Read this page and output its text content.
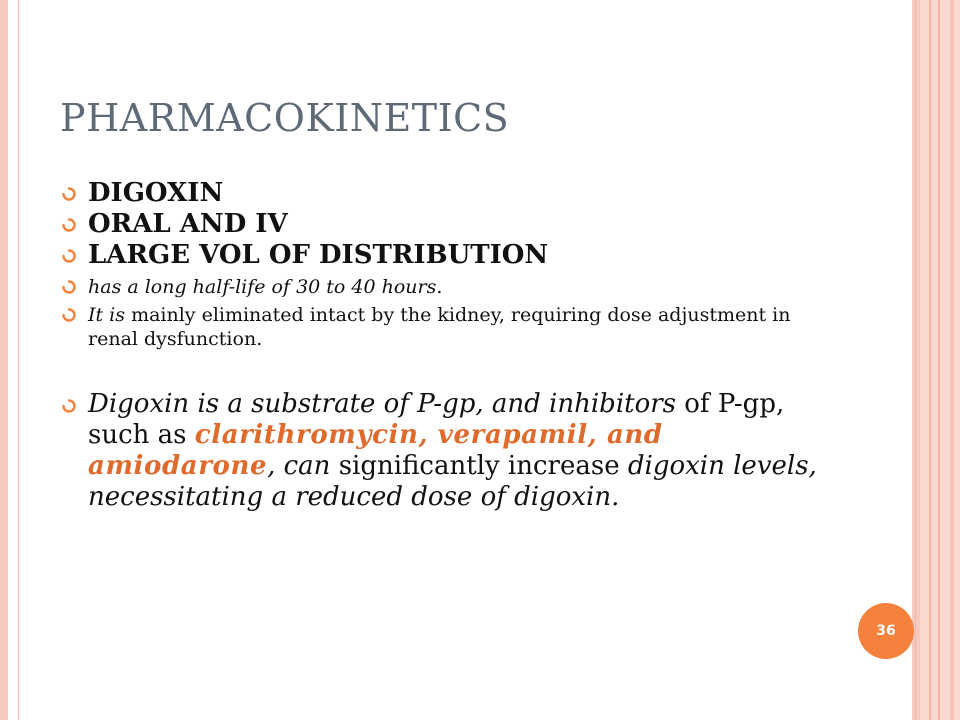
PHARMACOKINETICS
DIGOXIN
ORAL AND IV
LARGE VOL OF DISTRIBUTION
has a long half-life of 30 to 40 hours.
It is mainly eliminated intact by the kidney, requiring dose adjustment in renal dysfunction.
Digoxin is a substrate of P-gp, and inhibitors of P-gp, such as clarithromycin, verapamil, and amiodarone, can significantly increase digoxin levels, necessitating a reduced dose of digoxin.
36
